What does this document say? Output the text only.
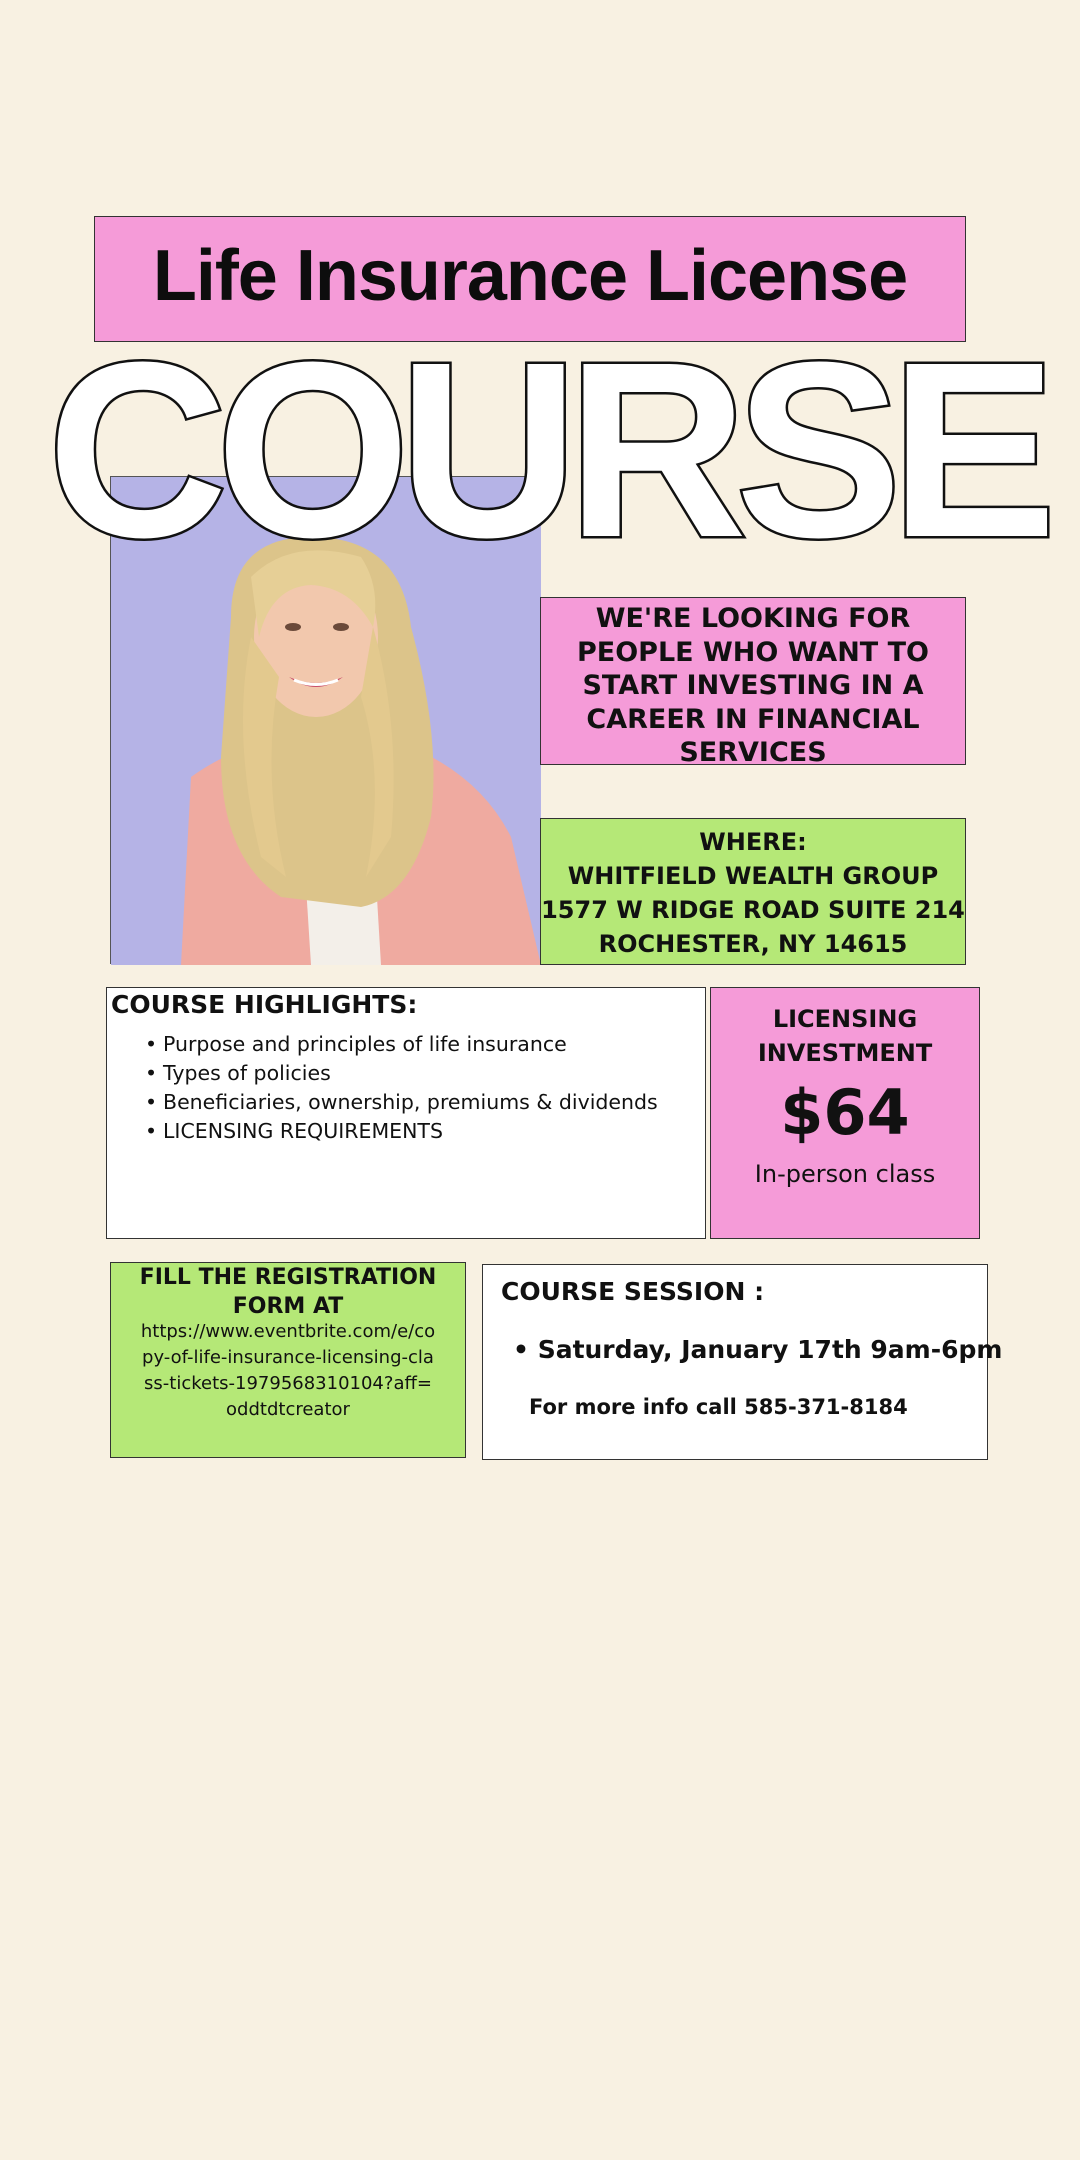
Life Insurance License
COURSE
WE'RE LOOKING FOR PEOPLE WHO WANT TO START INVESTING IN A CAREER IN FINANCIAL SERVICES
WHERE:
WHITFIELD WEALTH GROUP
1577 W RIDGE ROAD SUITE 214
ROCHESTER, NY 14615
COURSE HIGHLIGHTS:
• Purpose and principles of life insurance
• Types of policies
• Beneficiaries, ownership, premiums & dividends
• LICENSING REQUIREMENTS
LICENSING INVESTMENT
$64
In-person class
FILL THE REGISTRATION FORM AT
https://www.eventbrite.com/e/copy-of-life-insurance-licensing-class-tickets-1979568310104?aff=oddtdtcreator
COURSE SESSION :
• Saturday, January 17th 9am-6pm
For more info call 585-371-8184
